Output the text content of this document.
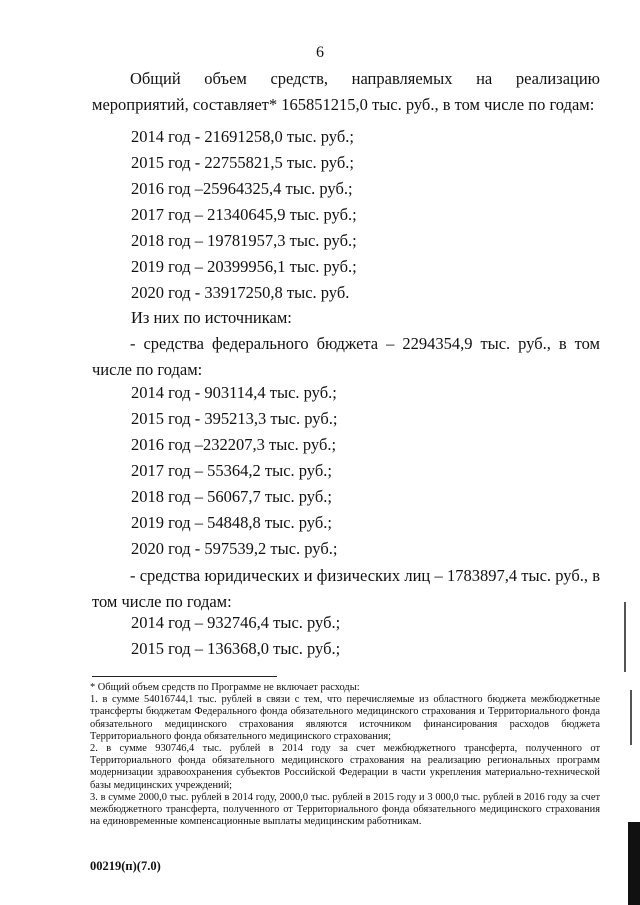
6
Общий объем средств, направляемых на реализацию мероприятий, составляет* 165851215,0 тыс. руб., в том числе по годам:
2014 год - 21691258,0 тыс. руб.;
2015 год - 22755821,5 тыс. руб.;
2016 год –25964325,4 тыс. руб.;
2017 год – 21340645,9 тыс. руб.;
2018 год – 19781957,3 тыс. руб.;
2019 год – 20399956,1 тыс. руб.;
2020 год - 33917250,8 тыс. руб.
Из них по источникам:
- средства федерального бюджета – 2294354,9 тыс. руб., в том числе по годам:
2014 год - 903114,4 тыс. руб.;
2015 год - 395213,3 тыс. руб.;
2016 год –232207,3 тыс. руб.;
2017 год – 55364,2 тыс. руб.;
2018 год – 56067,7 тыс. руб.;
2019 год – 54848,8 тыс. руб.;
2020 год - 597539,2 тыс. руб.;
- средства юридических и физических лиц – 1783897,4 тыс. руб., в том числе по годам:
2014 год – 932746,4 тыс. руб.;
2015 год – 136368,0 тыс. руб.;

* Общий объем средств по Программе не включает расходы:

1. в сумме 54016744,1 тыс. рублей в связи с тем, что перечисляемые из областного бюджета межбюджетные трансферты бюджетам Федерального фонда обязательного медицинского страхования и Территориального фонда обязательного медицинского страхования являются источником финансирования расходов бюджета Территориального фонда обязательного медицинского страхования;

2. в сумме 930746,4 тыс. рублей в 2014 году за счет межбюджетного трансферта, полученного от Территориального фонда обязательного медицинского страхования на реализацию региональных программ модернизации здравоохранения субъектов Российской Федерации в части укрепления материально-технической базы медицинских учреждений;

3. в сумме 2000,0 тыс. рублей в 2014 году, 2000,0 тыс. рублей в 2015 году и 3 000,0 тыс. рублей в 2016 году за счет межбюджетного трансферта, полученного от Территориального фонда обязательного медицинского страхования на единовременные компенсационные выплаты медицинским работникам.

00219(п)(7.0)
